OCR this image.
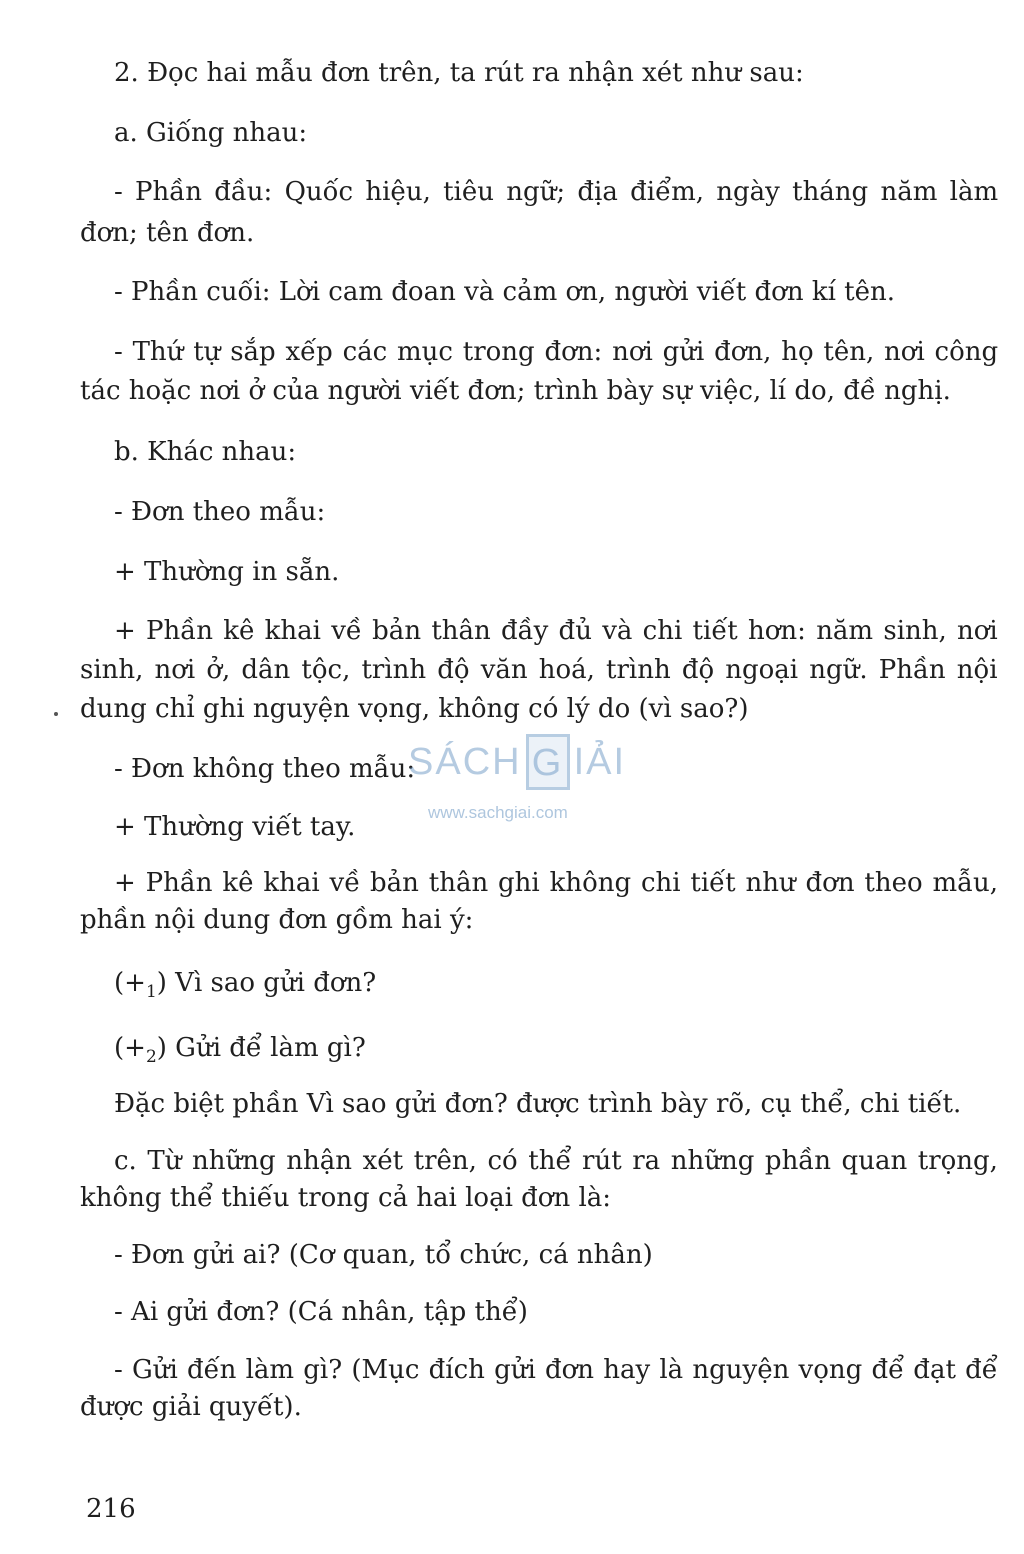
2. Đọc hai mẫu đơn trên, ta rút ra nhận xét như sau:
a. Giống nhau:
- Phần đầu: Quốc hiệu, tiêu ngữ; địa điểm, ngày tháng năm làm
đơn; tên đơn.
- Phần cuối: Lời cam đoan và cảm ơn, người viết đơn kí tên.
- Thứ tự sắp xếp các mục trong đơn: nơi gửi đơn, họ tên, nơi công
tác hoặc nơi ở của người viết đơn; trình bày sự việc, lí do, đề nghị.
b. Khác nhau:
- Đơn theo mẫu:
+ Thường in sẵn.
+ Phần kê khai về bản thân đầy đủ và chi tiết hơn: năm sinh, nơi
sinh, nơi ở, dân tộc, trình độ văn hoá, trình độ ngoại ngữ. Phần nội
dung chỉ ghi nguyện vọng, không có lý do (vì sao?)
- Đơn không theo mẫu:
+ Thường viết tay.
+ Phần kê khai về bản thân ghi không chi tiết như đơn theo mẫu,
phần nội dung đơn gồm hai ý:
$(+_1)$ Vì sao gửi đơn?
$(+_2)$ Gửi để làm gì?
Đặc biệt phần Vì sao gửi đơn? được trình bày rõ, cụ thể, chi tiết.
c. Từ những nhận xét trên, có thể rút ra những phần quan trọng,
không thể thiếu trong cả hai loại đơn là:
- Đơn gửi ai? (Cơ quan, tổ chức, cá nhân)
- Ai gửi đơn? (Cá nhân, tập thể)
- Gửi đến làm gì? (Mục đích gửi đơn hay là nguyện vọng để đạt để
được giải quyết).
SÁCH G IẢI
www.sachgiai.com
216
